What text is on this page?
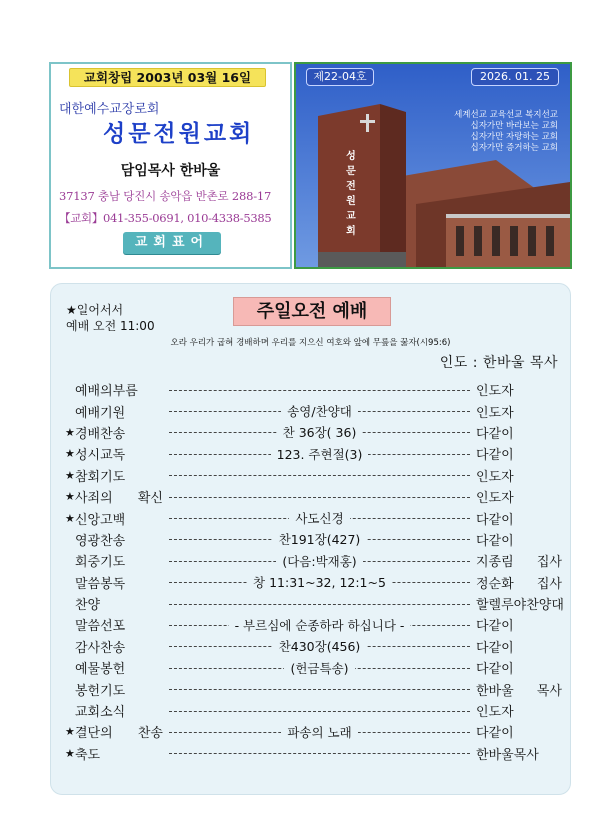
교회창립 2003년 03월 16일
대한예수교장로회
성문전원교회
담임목사 한바울
37137 충남 당진시 송악읍 반촌로 288-17
【교회】041-355-0691, 010-4338-5385
교회표어
성
문
전
원
교
회
제22-04호	2026. 01. 25
세계선교 교육선교 복지선교
십자가만 바라보는 교회
십자가만 자랑하는 교회
십자가만 증거하는 교회
★일어서서
예배 오전 11:00
주일오전 예배
오라 우리가 굽혀 경배하며 우리를 지으신 여호와 앞에 무릎을 꿇자(시95:6)
인도 : 한바울 목사
예배의부름	인도자
예배기원	송영/찬양대	인도자
★ 경배찬송	찬 36장( 36)	다같이
★ 성시교독	123. 주현절(3)	다같이
★ 참회기도	인도자
★ 사죄의 확신	인도자
★ 신앙고백	사도신경	다같이
영광찬송	찬191장(427)	다같이
회중기도	(다음:박재홍)	지종림 집사
말씀봉독	창 11:31~32, 12:1~5	정순화 집사
찬양	할렐루야찬양대
말씀선포	- 부르심에 순종하라 하십니다 -	다같이
감사찬송	찬430장(456)	다같이
예물봉헌	(헌금특송)	다같이
봉헌기도	한바울 목사
교회소식	인도자
★ 결단의 찬송	파송의 노래	다같이
★ 축도	한바울목사
